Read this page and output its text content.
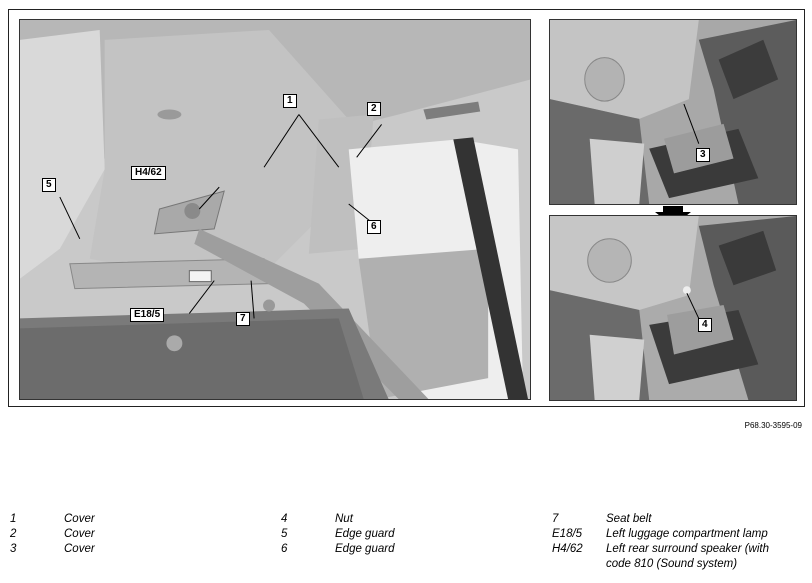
1
2
5
H4/62
6
E18/5	7
3
4
P68.30-3595-09
1	Cover
2	Cover
3	Cover
4	Nut
5	Edge guard
6	Edge guard
7	Seat belt
E18/5	Left luggage compartment lamp
H4/62	Left rear surround speaker (with
code 810 (Sound system)
